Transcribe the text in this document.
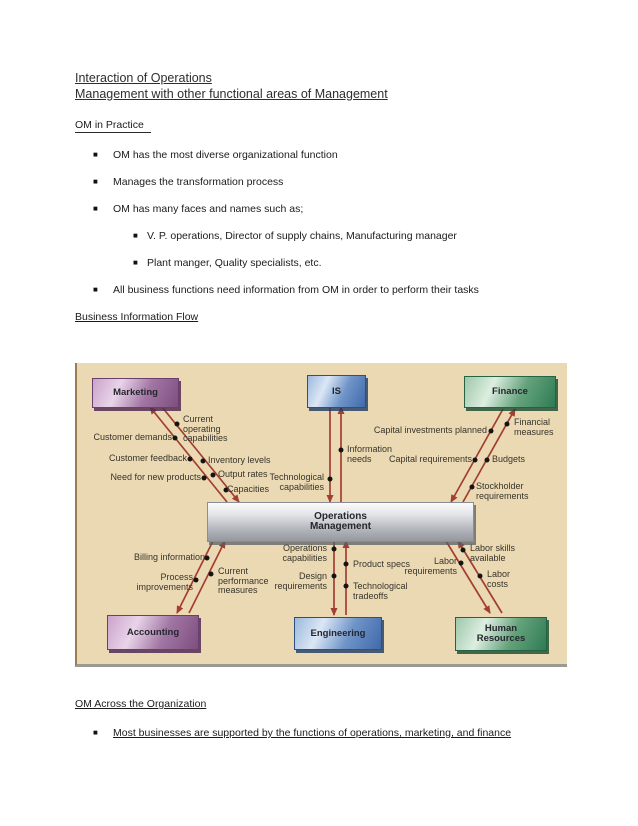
Interaction of Operations
Management with other functional areas of Management
OM in Practice
■	OM has the most diverse organizational function
■	Manages the transformation process
■	OM has many faces and names such as;
■ V. P. operations, Director of supply chains, Manufacturing manager
■ Plant manger, Quality specialists, etc.
■	All business functions need information from OM in order to perform their tasks
Business Information Flow
Marketing	IS	Finance
Operations Management
Accounting	Engineering	Human Resources
Current operating capabilities
Customer demands
Customer feedback Inventory levels
Need for new products Output rates
Capacities
Information needs
Technological capabilities
Capital investments planned
Financial measures
Capital requirements Budgets
Stockholder requirements
Billing information
Current performance measures
Process improvements
Operations capabilities
Product specs
Design requirements	Technological tradeoffs
Labor skills available
Labor requirements	Labor costs
OM Across the Organization
■	Most businesses are supported by the functions of operations, marketing, and finance
